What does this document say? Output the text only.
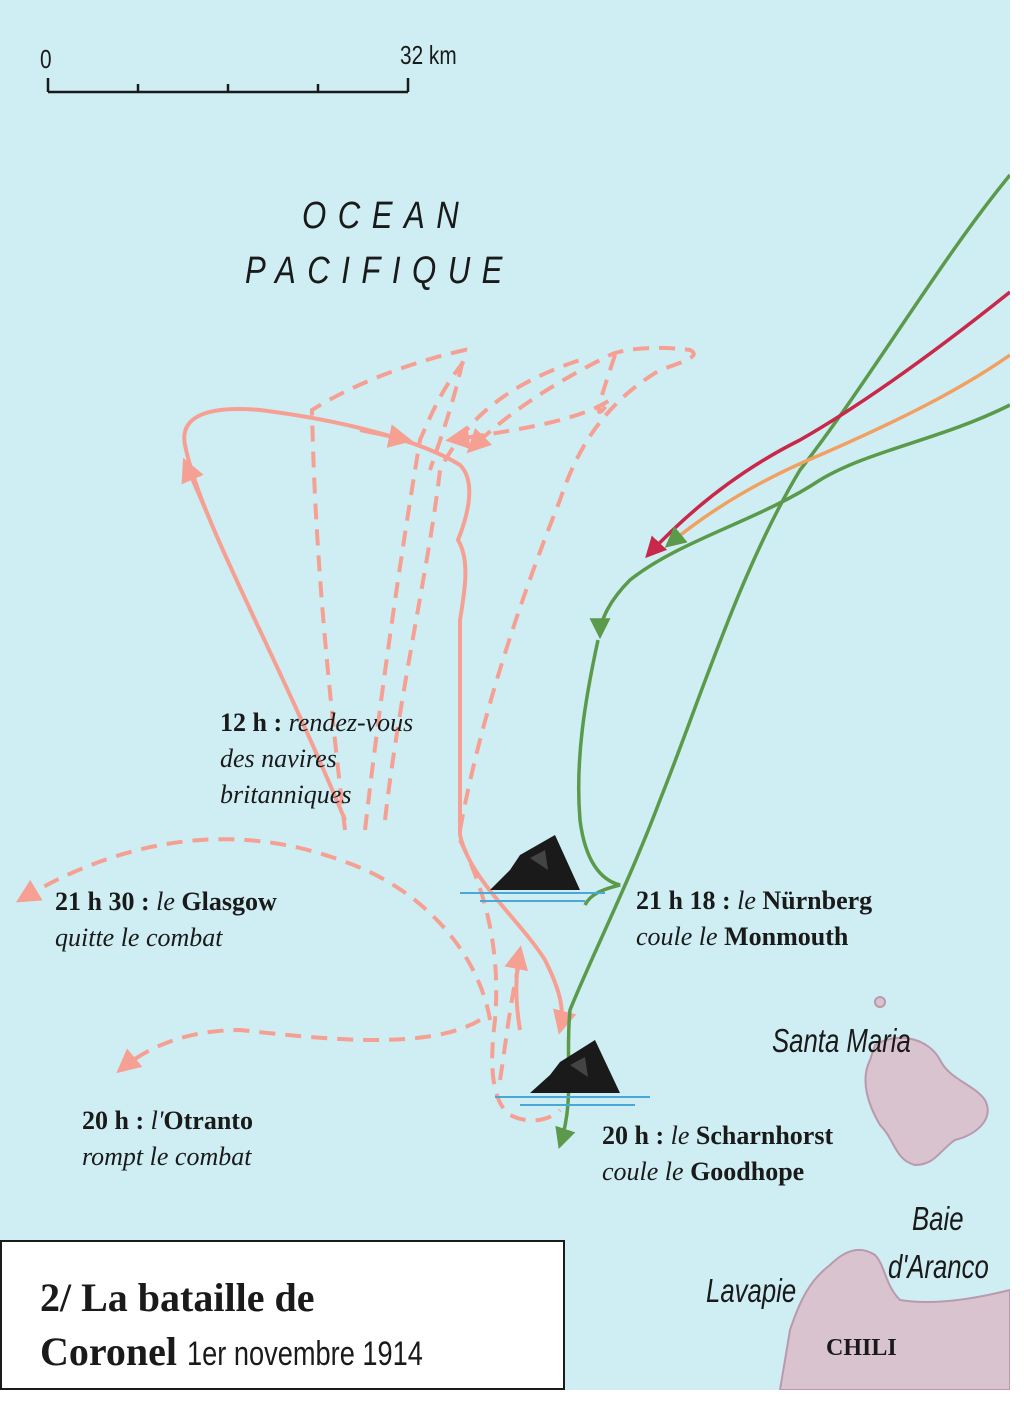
0	32 km
OCEAN
PACIFIQUE
12 h : rendez-vous
des navires
britanniques
21 h 30 : le Glasgow
quitte le combat
20 h : l'Otranto
rompt le combat
21 h 18 : le Nürnberg
coule le Monmouth
20 h : le Scharnhorst
coule le Goodhope
Santa Maria
Baie
d'Aranco
Lavapie
CHILI
2/ La bataille de
Coronel 1er novembre 1914
